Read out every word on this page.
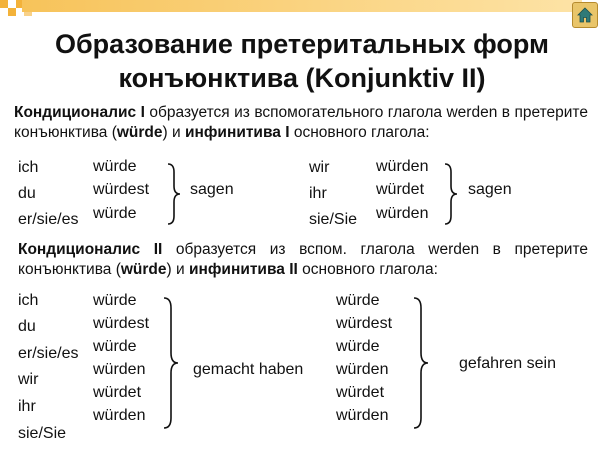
Образование претеритальных форм
конъюнктива (Konjunktiv II)
Кондиционалис I образуется из вспомогательного глагола werden в претерите конъюнктива (würde) и инфинитива I основного глагола:
ich
du
er/sie/es
würde
würdest
würde
sagen
wir
ihr
sie/Sie
würden
würdet
würden
sagen
Кондиционалис II образуется из вспом. глагола werden в претерите конъюнктива (würde) и инфинитива II основного глагола:
ich
du
er/sie/es
wir
ihr
sie/Sie
würde
würdest
würde
würden
würdet
würden
gemacht haben
würde
würdest
würde
würden
würdet
würden
gefahren sein
